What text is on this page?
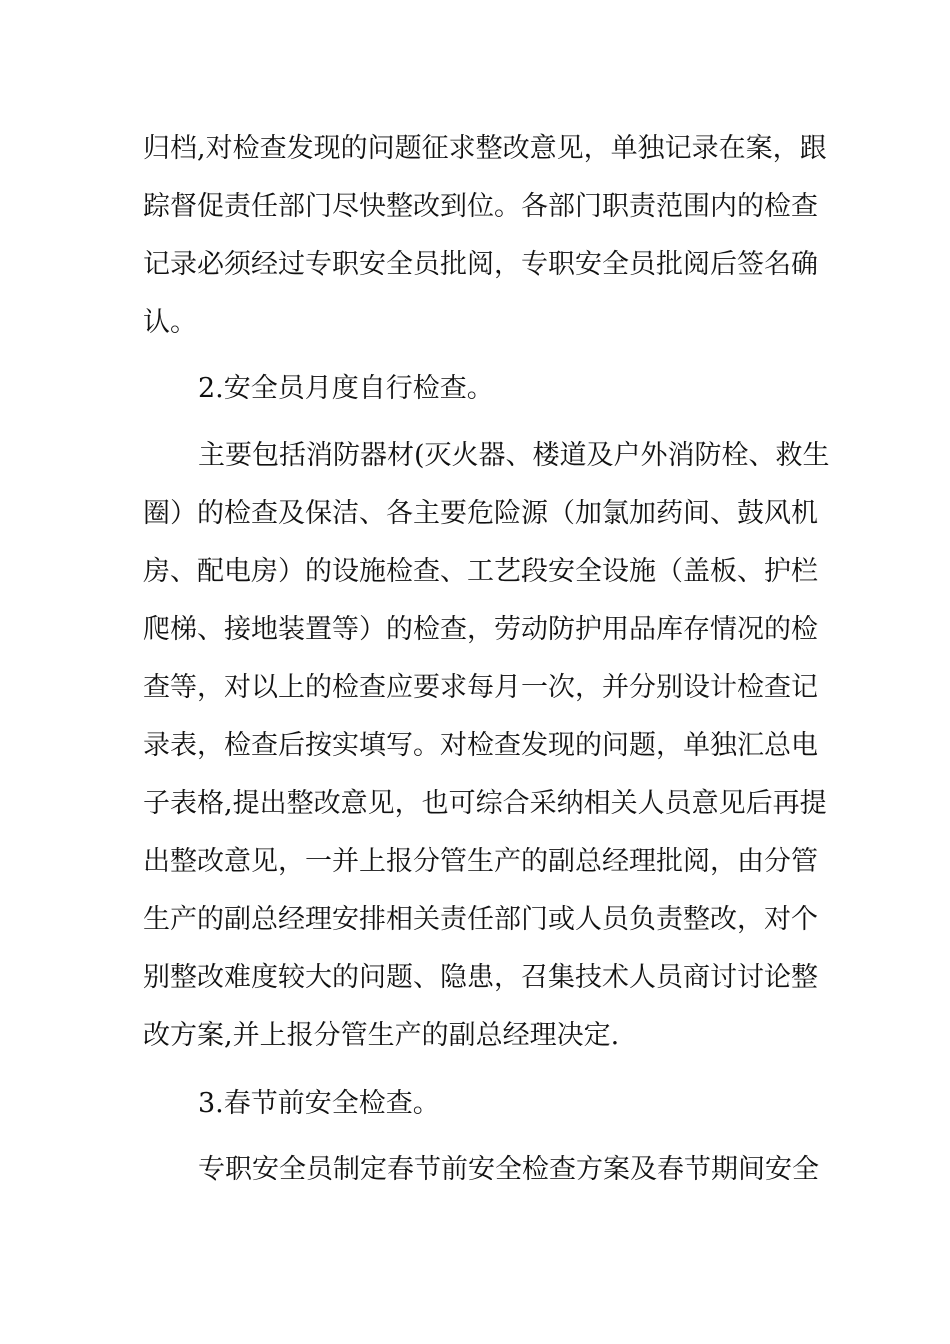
归档,对检查发现的问题征求整改意见，单独记录在案，跟
踪督促责任部门尽快整改到位。各部门职责范围内的检查
记录必须经过专职安全员批阅，专职安全员批阅后签名确
认。
2.安全员月度自行检查。
主要包括消防器材(灭火器、楼道及户外消防栓、救生
圈）的检查及保洁、各主要危险源（加氯加药间、鼓风机
房、配电房）的设施检查、工艺段安全设施（盖板、护栏
爬梯、接地装置等）的检查，劳动防护用品库存情况的检
查等，对以上的检查应要求每月一次，并分别设计检查记
录表，检查后按实填写。对检查发现的问题，单独汇总电
子表格,提出整改意见，也可综合采纳相关人员意见后再提
出整改意见，一并上报分管生产的副总经理批阅，由分管
生产的副总经理安排相关责任部门或人员负责整改，对个
别整改难度较大的问题、隐患，召集技术人员商讨讨论整
改方案,并上报分管生产的副总经理决定.
3.春节前安全检查。
专职安全员制定春节前安全检查方案及春节期间安全
